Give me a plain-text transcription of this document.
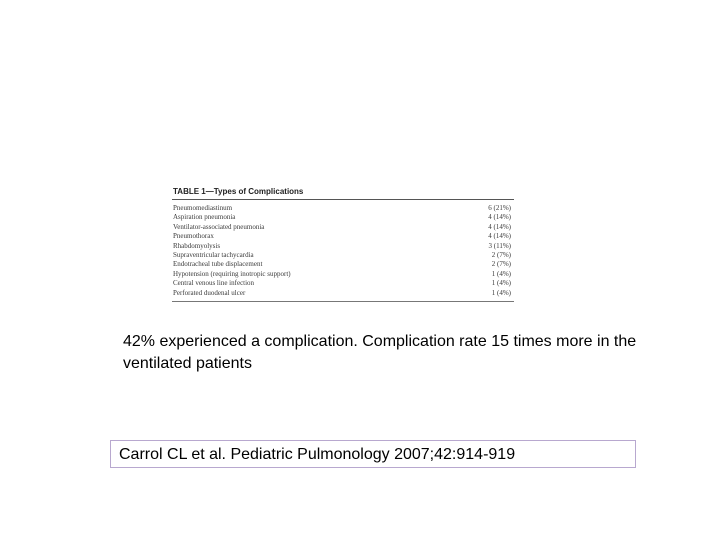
TABLE 1—Types of Complications
Pneumomediastinum	6 (21%)
Aspiration pneumonia	4 (14%)
Ventilator-associated pneumonia	4 (14%)
Pneumothorax	4 (14%)
Rhabdomyolysis	3 (11%)
Supraventricular tachycardia	2 (7%)
Endotracheal tube displacement	2 (7%)
Hypotension (requiring inotropic support)	1 (4%)
Central venous line infection	1 (4%)
Perforated duodenal ulcer	1 (4%)
42% experienced a complication. Complication rate 15 times more in the ventilated patients
Carrol CL et al. Pediatric Pulmonology 2007;42:914-919
